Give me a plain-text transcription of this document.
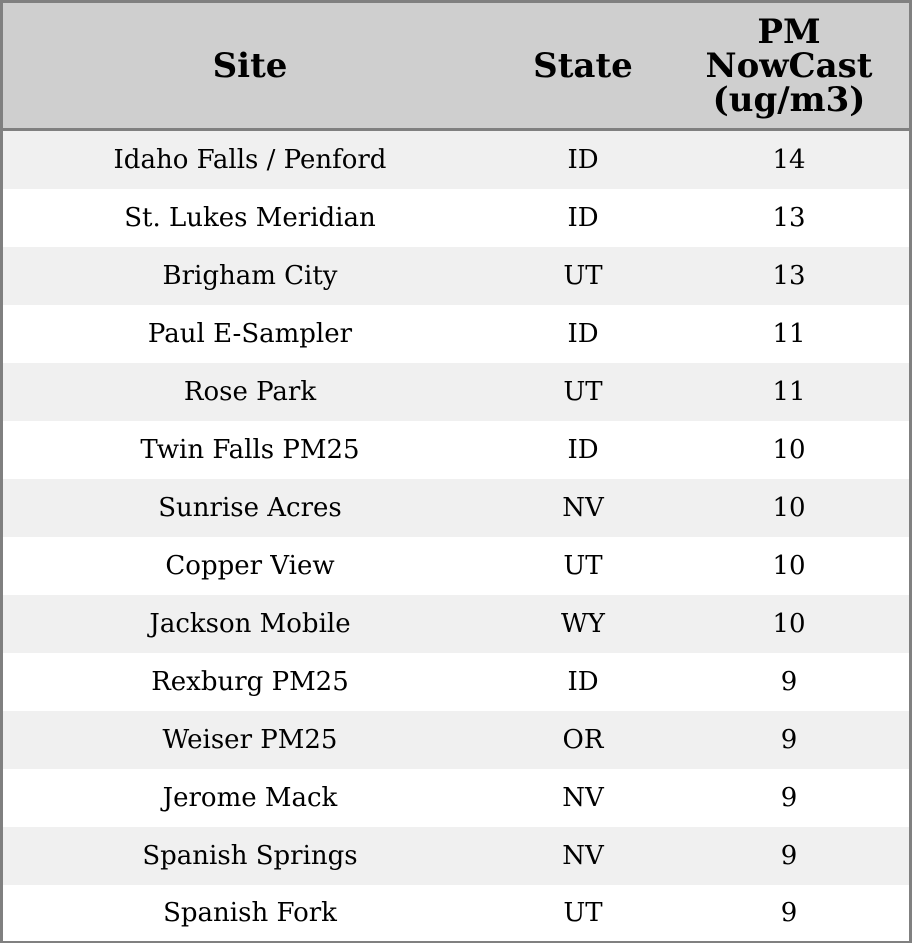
Site	State	PM
NowCast
(ug/m3)

Idaho Falls / Penford	ID	14
St. Lukes Meridian	ID	13
Brigham City	UT	13
Paul E-Sampler	ID	11
Rose Park	UT	11
Twin Falls PM25	ID	10
Sunrise Acres	NV	10
Copper View	UT	10
Jackson Mobile	WY	10
Rexburg PM25	ID	9
Weiser PM25	OR	9
Jerome Mack	NV	9
Spanish Springs	NV	9
Spanish Fork	UT	9
